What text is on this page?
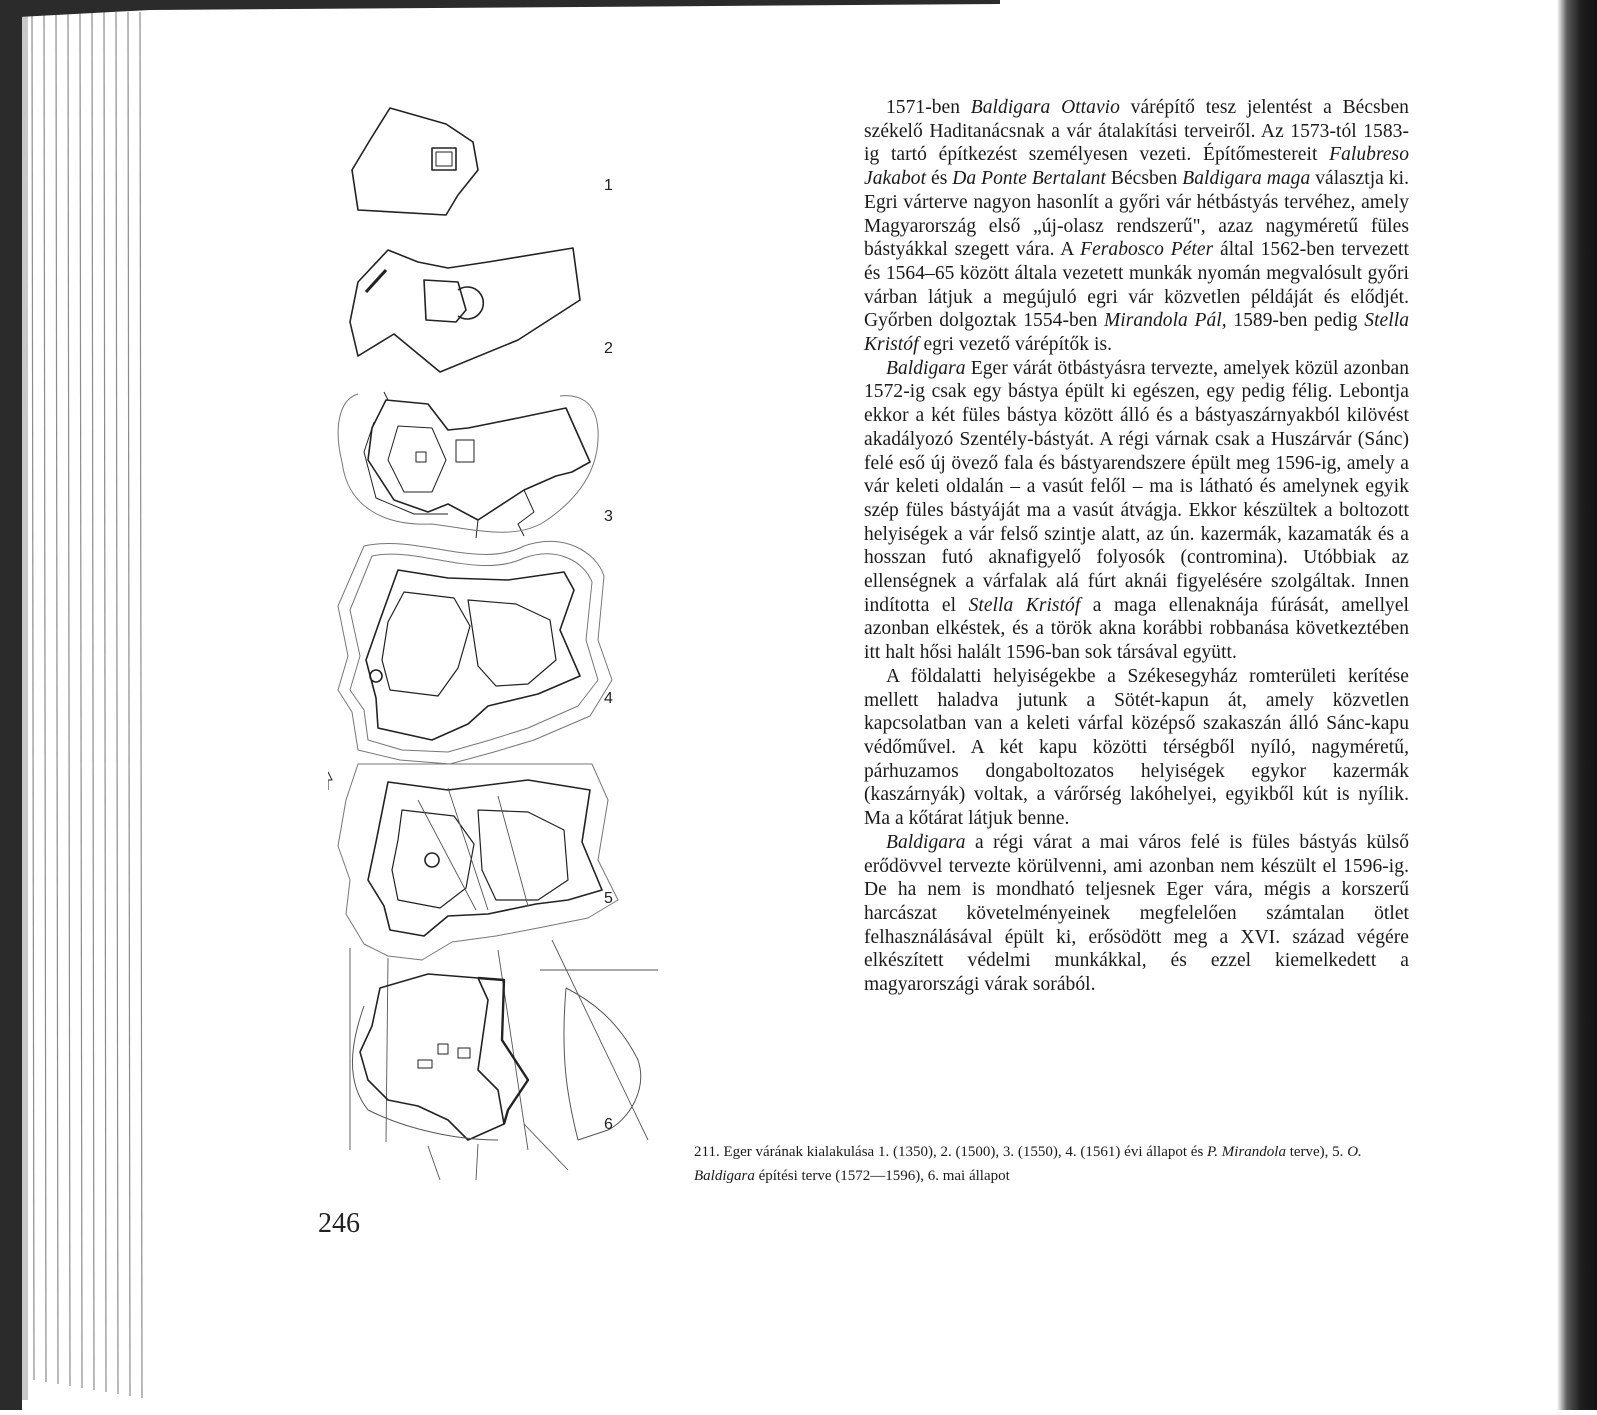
1
2
3
4
5
6

1571-ben Baldigara Ottavio várépítő tesz jelentést a Bécsben székelő Haditanácsnak a vár átalakítási terveiről. Az 1573-tól 1583-ig tartó építkezést személyesen vezeti. Építőmestereit Falubreso Jakabot és Da Ponte Bertalant Bécsben Baldigara maga választja ki. Egri várterve nagyon hasonlít a győri vár hétbástyás tervéhez, amely Magyarország első „új-olasz rendszerű", azaz nagyméretű füles bástyákkal szegett vára. A Ferabosco Péter által 1562-ben tervezett és 1564–65 között általa vezetett munkák nyomán megvalósult győri várban látjuk a megújuló egri vár közvetlen példáját és elődjét. Győrben dolgoztak 1554-ben Mirandola Pál, 1589-ben pedig Stella Kristóf egri vezető várépítők is.

Baldigara Eger várát ötbástyásra tervezte, amelyek közül azonban 1572-ig csak egy bástya épült ki egészen, egy pedig félig. Lebontja ekkor a két füles bástya között álló és a bástyaszárnyakból kilövést akadályozó Szentély-bástyát. A régi várnak csak a Huszárvár (Sánc) felé eső új övező fala és bástyarendszere épült meg 1596-ig, amely a vár keleti oldalán – a vasút felől – ma is látható és amelynek egyik szép füles bástyáját ma a vasút átvágja. Ekkor készültek a boltozott helyiségek a vár felső szintje alatt, az ún. kazermák, kazamaták és a hosszan futó aknafigyelő folyosók (contromina). Utóbbiak az ellenségnek a várfalak alá fúrt aknái figyelésére szolgáltak. Innen indította el Stella Kristóf a maga ellenaknája fúrását, amellyel azonban elkéstek, és a török akna korábbi robbanása következtében itt halt hősi halált 1596-ban sok társával együtt.

A földalatti helyiségekbe a Székesegyház romterületi kerítése mellett haladva jutunk a Sötét-kapun át, amely közvetlen kapcsolatban van a keleti várfal középső szakaszán álló Sánc-kapu védőművel. A két kapu közötti térségből nyíló, nagyméretű, párhuzamos dongaboltozatos helyiségek egykor kazermák (kaszárnyák) voltak, a várőrség lakóhelyei, egyikből kút is nyílik. Ma a kőtárat látjuk benne.

Baldigara a régi várat a mai város felé is füles bástyás külső erődövvel tervezte körülvenni, ami azonban nem készült el 1596-ig. De ha nem is mondható teljesnek Eger vára, mégis a korszerű harcászat követelményeinek megfelelően számtalan ötlet felhasználásával épült ki, erősödött meg a XVI. század végére elkészített védelmi munkákkal, és ezzel kiemelkedett a magyarországi várak sorából.

211. Eger várának kialakulása 1. (1350), 2. (1500), 3. (1550), 4. (1561) évi állapot és P. Mirandola terve), 5. O. Baldigara építési terve (1572—1596), 6. mai állapot
246
